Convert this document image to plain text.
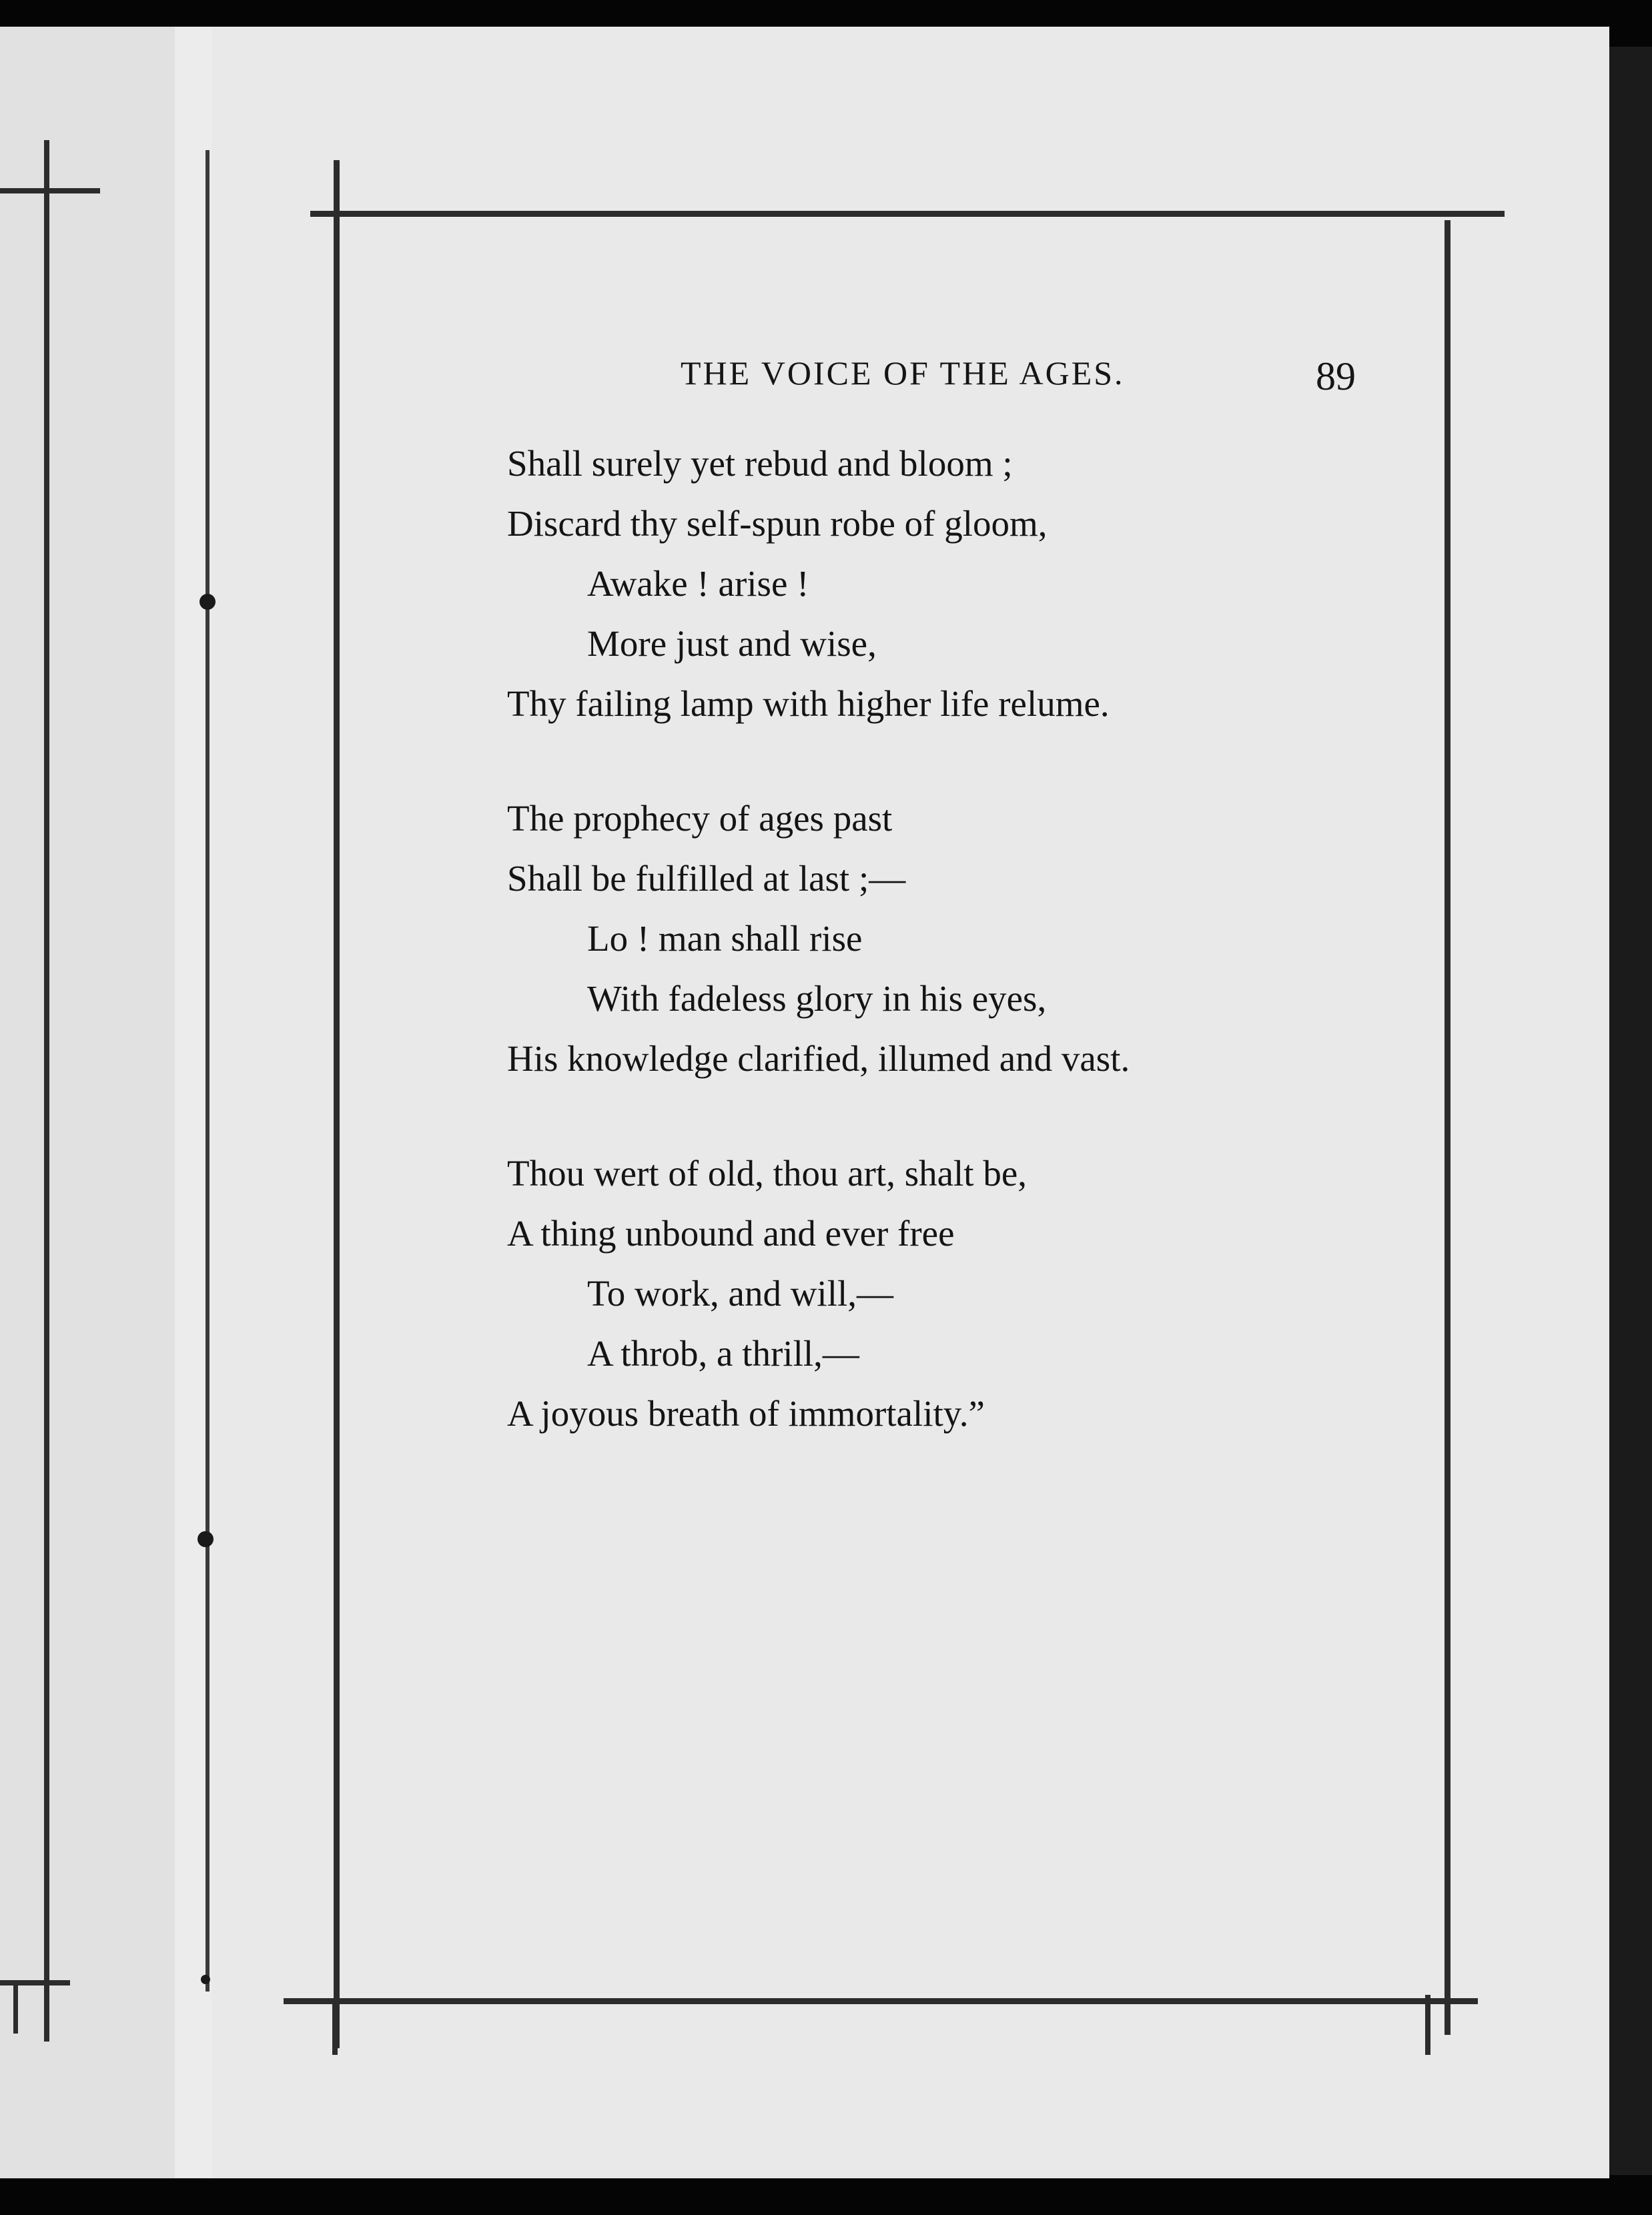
THE VOICE OF THE AGES.	89
Shall surely yet rebud and bloom ;
Discard thy self-spun robe of gloom,
Awake ! arise !
More just and wise,
Thy failing lamp with higher life relume.
The prophecy of ages past
Shall be fulfilled at last ;—
Lo ! man shall rise
With fadeless glory in his eyes,
His knowledge clarified, illumed and vast.
Thou wert of old, thou art, shalt be,
A thing unbound and ever free
To work, and will,—
A throb, a thrill,—
A joyous breath of immortality.”
